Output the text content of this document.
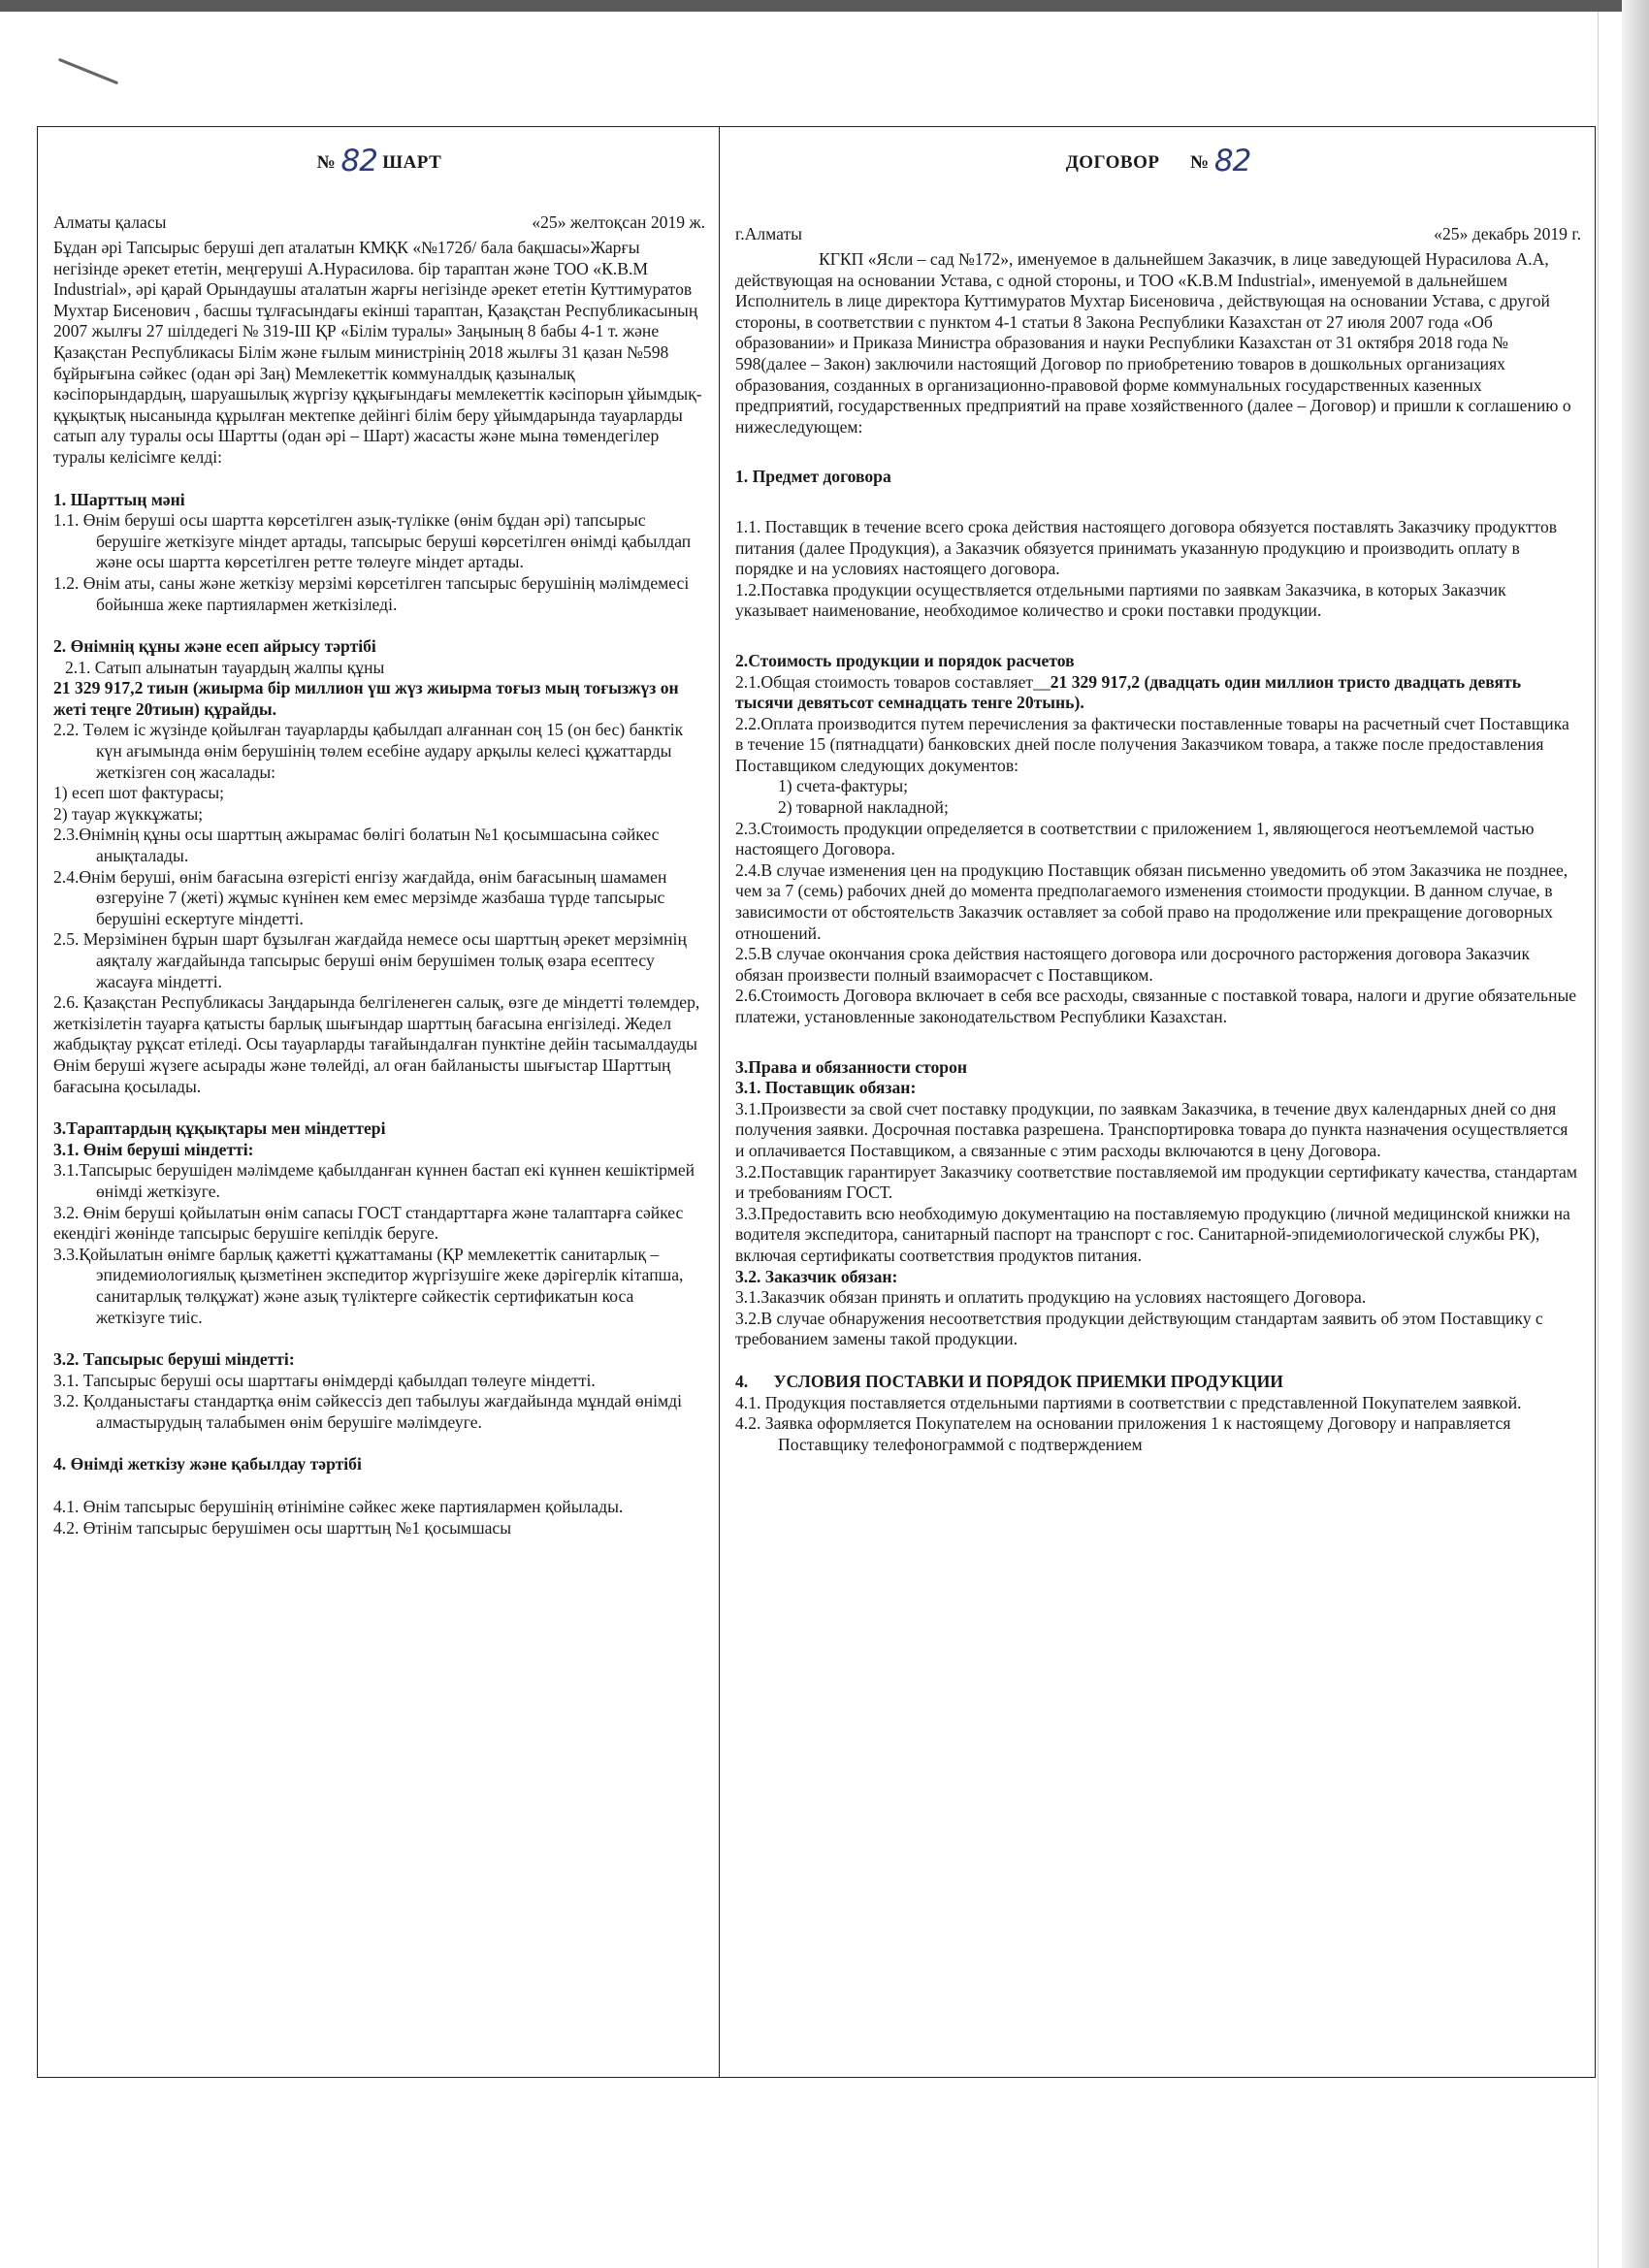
№ 82 ШАРТ
Алматы қаласы	«25» желтоқсан 2019 ж.

Бұдан әрі Тапсырыс беруші деп аталатын КМҚК «№172б/ бала бақшасы»Жарғы негізінде әрекет ететін, меңгеруші А.Нурасилова. бір тараптан және ТОО «К.В.М Industrial», әрі қарай Орындаушы аталатын жарғы негізінде әрекет ететін Куттимуратов Мухтар Бисенович , басшы тұлғасындағы екінші тараптан, Қазақстан Республикасының 2007 жылғы 27 шілдедегі № 319-III ҚР «Білім туралы» Заңының 8 бабы 4-1 т. және Қазақстан Республикасы Білім және ғылым министрінің 2018 жылғы 31 қазан №598 бұйрығына сәйкес (одан әрі Заң) Мемлекеттік коммуналдық қазыналық кәсіпорындардың, шаруашылық жүргізу құқығындағы мемлекеттік кәсіпорын ұйымдық-құқықтық нысанында құрылған мектепке дейінгі білім беру ұйымдарында тауарларды сатып алу туралы осы Шартты (одан әрі – Шарт) жасасты және мына төмендегілер туралы келісімге келді:

1. Шарттың мәні

1.1. Өнім беруші осы шартта көрсетілген азық-түлікке (өнім бұдан әрі) тапсырыс берушіге жеткізуге міндет артады, тапсырыс беруші көрсетілген өнімді қабылдап және осы шартта көрсетілген ретте төлеуге міндет артады.

1.2. Өнім аты, саны және жеткізу мерзімі көрсетілген тапсырыс берушінің мәлімдемесі бойынша жеке партиялармен жеткізіледі.

2. Өнімнің құны және есеп айрысу тәртібі

2.1. Сатып алынатын тауардың жалпы құны

21 329 917,2 тиын (жиырма бір миллион үш жүз жиырма тоғыз мың тоғызжүз он жеті теңге 20тиын) құрайды.

2.2. Төлем іс жүзінде қойылған тауарларды қабылдап алғаннан соң 15 (он бес) банктік күн ағымында өнім берушінің төлем есебіне аудару арқылы келесі құжаттарды жеткізген соң жасалады:

1) есеп шот фактурасы;

2) тауар жүккұжаты;

2.3.Өнімнің құны осы шарттың ажырамас бөлігі болатын №1 қосымшасына сәйкес анықталады.

2.4.Өнім беруші, өнім бағасына өзгерісті енгізу жағдайда, өнім бағасының шамамен өзгеруіне 7 (жеті) жұмыс күнінен кем емес мерзімде жазбаша түрде тапсырыс берушіні ескертуге міндетті.

2.5. Мерзімінен бұрын шарт бұзылған жағдайда немесе осы шарттың әрекет мерзімнің аяқталу жағдайында тапсырыс беруші өнім берушімен толық өзара есептесу жасауға міндетті.

2.6. Қазақстан Республикасы Заңдарында белгіленеген салық, өзге де міндетті төлемдер, жеткізілетін тауарға қатысты барлық шығындар шарттың бағасына енгізіледі. Жедел жабдықтау рұқсат етіледі. Осы тауарларды тағайындалған пунктіне дейін тасымалдауды Өнім беруші жүзеге асырады және төлейді, ал оған байланысты шығыстар Шарттың бағасына қосылады.

3.Тараптардың құқықтары мен міндеттері

3.1. Өнім беруші міндетті:

3.1.Тапсырыс берушіден мәлімдеме қабылданған күннен бастап екі күннен кешіктірмей өнімді жеткізуге.

3.2. Өнім беруші қойылатын өнім сапасы ГОСТ стандарттарға және талаптарға сәйкес екендігі жөнінде тапсырыс берушіге кепілдік беруге.

3.3.Қойылатын өнімге барлық қажетті құжаттаманы (ҚР мемлекеттік санитарлық – эпидемиологиялық қызметінен экспедитор жүргізушіге жеке дәрігерлік кітапша, санитарлық төлқұжат) және азық түліктерге сәйкестік сертификатын коса жеткізуге тиіс.

3.2. Тапсырыс беруші міндетті:

3.1. Тапсырыс беруші осы шарттағы өнімдерді қабылдап төлеуге міндетті.

3.2. Қолданыстағы стандартқа өнім сәйкессіз деп табылуы жағдайында мұндай өнімді алмастырудың талабымен өнім берушіге мәлімдеуге.

4. Өнімді жеткізу және қабылдау тәртібі

4.1. Өнім тапсырыс берушінің өтініміне сәйкес жеке партиялармен қойылады.

4.2. Өтінім тапсырыс берушімен осы шарттың №1 қосымшасы

ДОГОВОР № 82
г.Алматы	«25» декабрь 2019 г.

КГКП «Ясли – сад №172», именуемое в дальнейшем Заказчик, в лице заведующей Нурасилова А.А, действующая на основании Устава, с одной стороны, и ТОО «К.В.М Industrial», именуемой в дальнейшем Исполнитель в лице директора Куттимуратов Мухтар Бисеновича , действующая на основании Устава, с другой стороны, в соответствии с пунктом 4-1 статьи 8 Закона Республики Казахстан от 27 июля 2007 года «Об образовании» и Приказа Министра образования и науки Республики Казахстан от 31 октября 2018 года № 598(далее – Закон) заключили настоящий Договор по приобретению товаров в дошкольных организациях образования, созданных в организационно-правовой форме коммунальных государственных казенных предприятий, государственных предприятий на праве хозяйственного (далее – Договор) и пришли к соглашению о нижеследующем:

1. Предмет договора

1.1. Поставщик в течение всего срока действия настоящего договора обязуется поставлять Заказчику продукттов питания (далее Продукция), а Заказчик обязуется принимать указанную продукцию и производить оплату в порядке и на условиях настоящего договора.

1.2.Поставка продукции осуществляется отдельными партиями по заявкам Заказчика, в которых Заказчик указывает наименование, необходимое количество и сроки поставки продукции.

2.Стоимость продукции и порядок расчетов

2.1.Общая стоимость товаров составляет__21 329 917,2 (двадцать один миллион тристо двадцать девять тысячи девятьсот семнадцать тенге 20тынь).

2.2.Оплата производится путем перечисления за фактически поставленные товары на расчетный счет Поставщика в течение 15 (пятнадцати) банковских дней после получения Заказчиком товара, а также после предоставления Поставщиком следующих документов:

1) счета-фактуры;

2) товарной накладной;

2.3.Стоимость продукции определяется в соответствии с приложением 1, являющегося неотъемлемой частью настоящего Договора.

2.4.В случае изменения цен на продукцию Поставщик обязан письменно уведомить об этом Заказчика не позднее, чем за 7 (семь) рабочих дней до момента предполагаемого изменения стоимости продукции. В данном случае, в зависимости от обстоятельств Заказчик оставляет за собой право на продолжение или прекращение договорных отношений.

2.5.В случае окончания срока действия настоящего договора или досрочного расторжения договора Заказчик обязан произвести полный взаиморасчет с Поставщиком.

2.6.Стоимость Договора включает в себя все расходы, связанные с поставкой товара, налоги и другие обязательные платежи, установленные законодательством Республики Казахстан.

3.Права и обязанности сторон

3.1. Поставщик обязан:

3.1.Произвести за свой счет поставку продукции, по заявкам Заказчика, в течение двух календарных дней со дня получения заявки. Досрочная поставка разрешена. Транспортировка товара до пункта назначения осуществляется и оплачивается Поставщиком, а связанные с этим расходы включаются в цену Договора.

3.2.Поставщик гарантирует Заказчику соответствие поставляемой им продукции сертификату качества, стандартам и требованиям ГОСТ.

3.3.Предоставить всю необходимую документацию на поставляемую продукцию (личной медицинской книжки на водителя экспедитора, санитарный паспорт на транспорт с гос. Санитарной-эпидемиологической службы РК), включая сертификаты соответствия продуктов питания.

3.2. Заказчик обязан:

3.1.Заказчик обязан принять и оплатить продукцию на условиях настоящего Договора.

3.2.В случае обнаружения несоответствия продукции действующим стандартам заявить об этом Поставщику с требованием замены такой продукции.

4.      УСЛОВИЯ ПОСТАВКИ И ПОРЯДОК ПРИЕМКИ ПРОДУКЦИИ

4.1. Продукция поставляется отдельными партиями в соответствии с представленной Покупателем заявкой.

4.2. Заявка оформляется Покупателем на основании приложения 1 к настоящему Договору и направляется Поставщику телефонограммой с подтверждением
